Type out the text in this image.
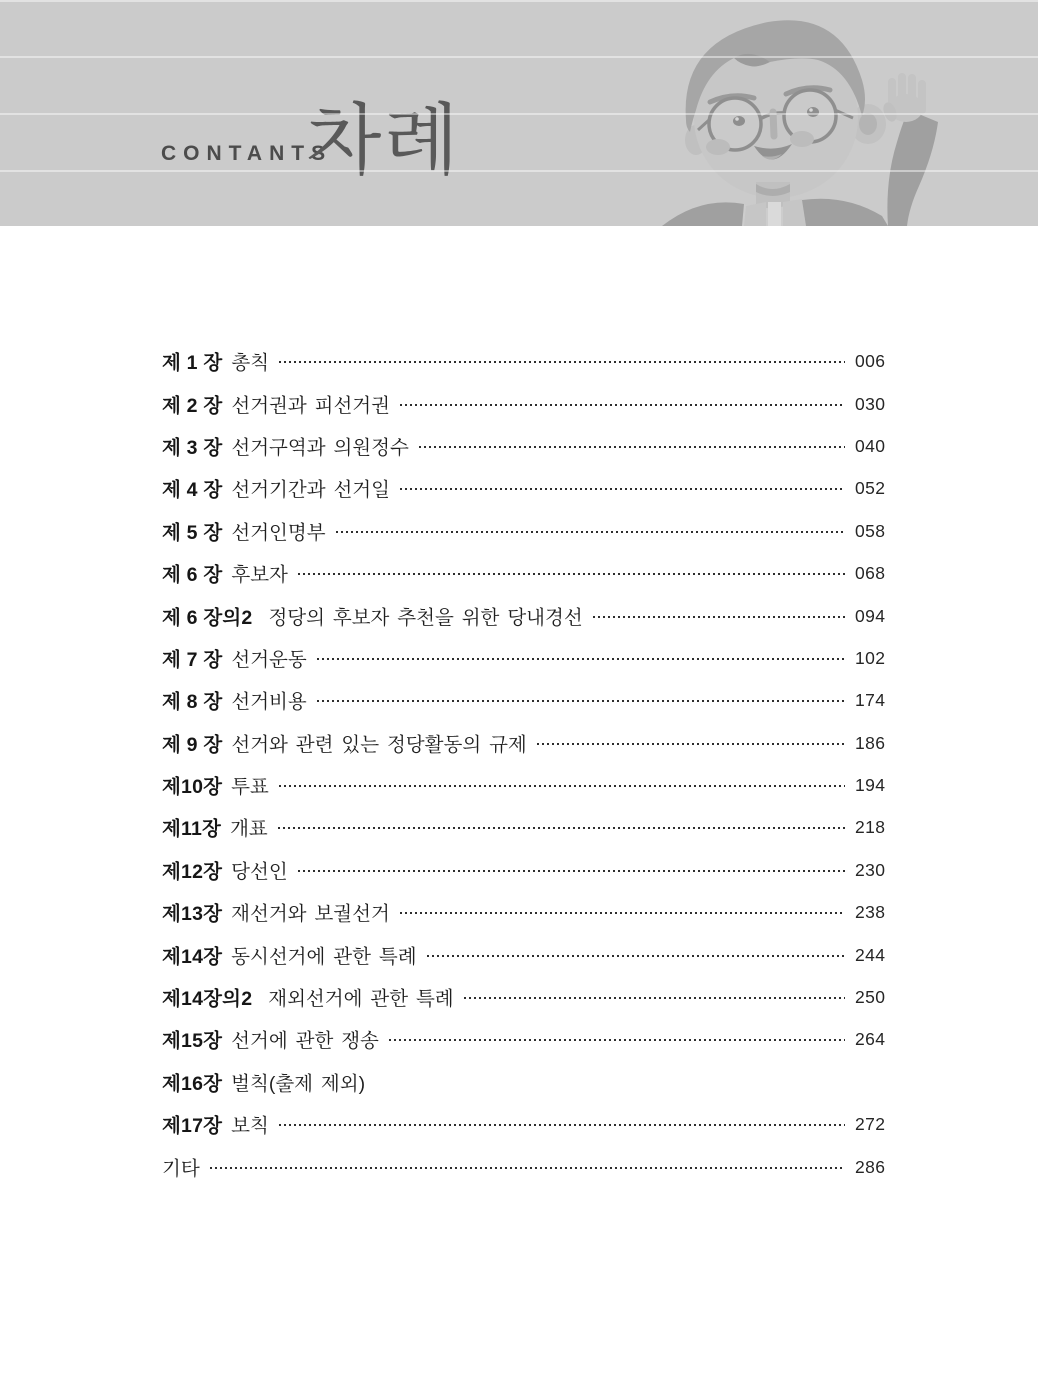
CONTANTS
차례
제 1 장 총칙	006
제 2 장 선거권과 피선거권	030
제 3 장 선거구역과 의원정수	040
제 4 장 선거기간과 선거일	052
제 5 장 선거인명부	058
제 6 장 후보자	068
제 6 장의2 정당의 후보자 추천을 위한 당내경선	094
제 7 장 선거운동	102
제 8 장 선거비용	174
제 9 장 선거와 관련 있는 정당활동의 규제	186
제10장 투표	194
제11장 개표	218
제12장 당선인	230
제13장 재선거와 보궐선거	238
제14장 동시선거에 관한 특례	244
제14장의2 재외선거에 관한 특례	250
제15장 선거에 관한 쟁송	264
제16장 벌칙(출제 제외)
제17장 보칙	272
기타	286
